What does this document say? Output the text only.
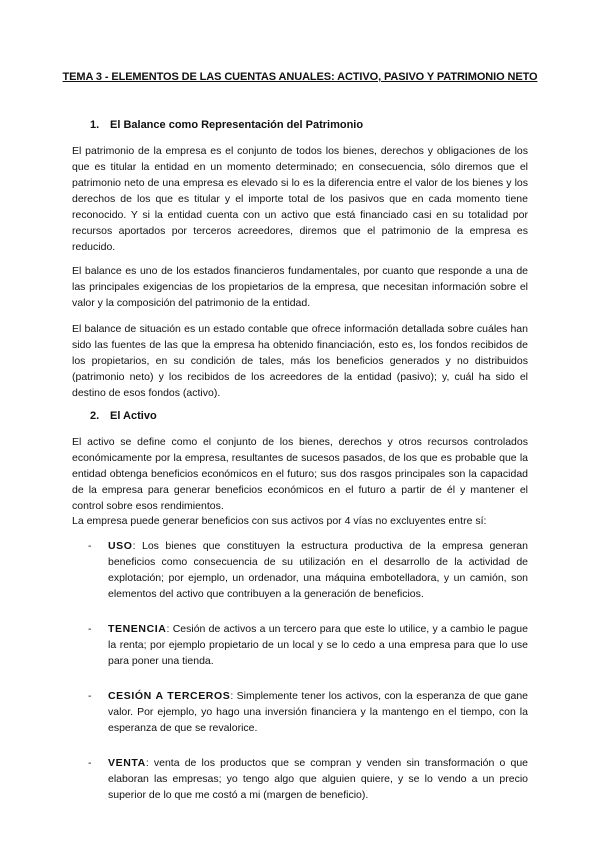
TEMA 3 - ELEMENTOS DE LAS CUENTAS ANUALES: ACTIVO, PASIVO Y PATRIMONIO NETO
1. El Balance como Representación del Patrimonio

El patrimonio de la empresa es el conjunto de todos los bienes, derechos y obligaciones de los que es titular la entidad en un momento determinado; en consecuencia, sólo diremos que el patrimonio neto de una empresa es elevado si lo es la diferencia entre el valor de los bienes y los derechos de los que es titular y el importe total de los pasivos que en cada momento tiene reconocido. Y si la entidad cuenta con un activo que está financiado casi en su totalidad por recursos aportados por terceros acreedores, diremos que el patrimonio de la empresa es reducido.

El balance es uno de los estados financieros fundamentales, por cuanto que responde a una de las principales exigencias de los propietarios de la empresa, que necesitan información sobre el valor y la composición del patrimonio de la entidad.

El balance de situación es un estado contable que ofrece información detallada sobre cuáles han sido las fuentes de las que la empresa ha obtenido financiación, esto es, los fondos recibidos de los propietarios, en su condición de tales, más los beneficios generados y no distribuidos (patrimonio neto) y los recibidos de los acreedores de la entidad (pasivo); y, cuál ha sido el destino de esos fondos (activo).

2. El Activo

El activo se define como el conjunto de los bienes, derechos y otros recursos controlados económicamente por la empresa, resultantes de sucesos pasados, de los que es probable que la entidad obtenga beneficios económicos en el futuro; sus dos rasgos principales son la capacidad de la empresa para generar beneficios económicos en el futuro a partir de él y mantener el control sobre esos rendimientos.

La empresa puede generar beneficios con sus activos por 4 vías no excluyentes entre sí:

- USO: Los bienes que constituyen la estructura productiva de la empresa generan beneficios como consecuencia de su utilización en el desarrollo de la actividad de explotación; por ejemplo, un ordenador, una máquina embotelladora, y un camión, son elementos del activo que contribuyen a la generación de beneficios.
- TENENCIA: Cesión de activos a un tercero para que este lo utilice, y a cambio le pague la renta; por ejemplo propietario de un local y se lo cedo a una empresa para que lo use para poner una tienda.
- CESIÓN A TERCEROS: Simplemente tener los activos, con la esperanza de que gane valor. Por ejemplo, yo hago una inversión financiera y la mantengo en el tiempo, con la esperanza de que se revalorice.
- VENTA: venta de los productos que se compran y venden sin transformación o que elaboran las empresas; yo tengo algo que alguien quiere, y se lo vendo a un precio superior de lo que me costó a mi (margen de beneficio).
